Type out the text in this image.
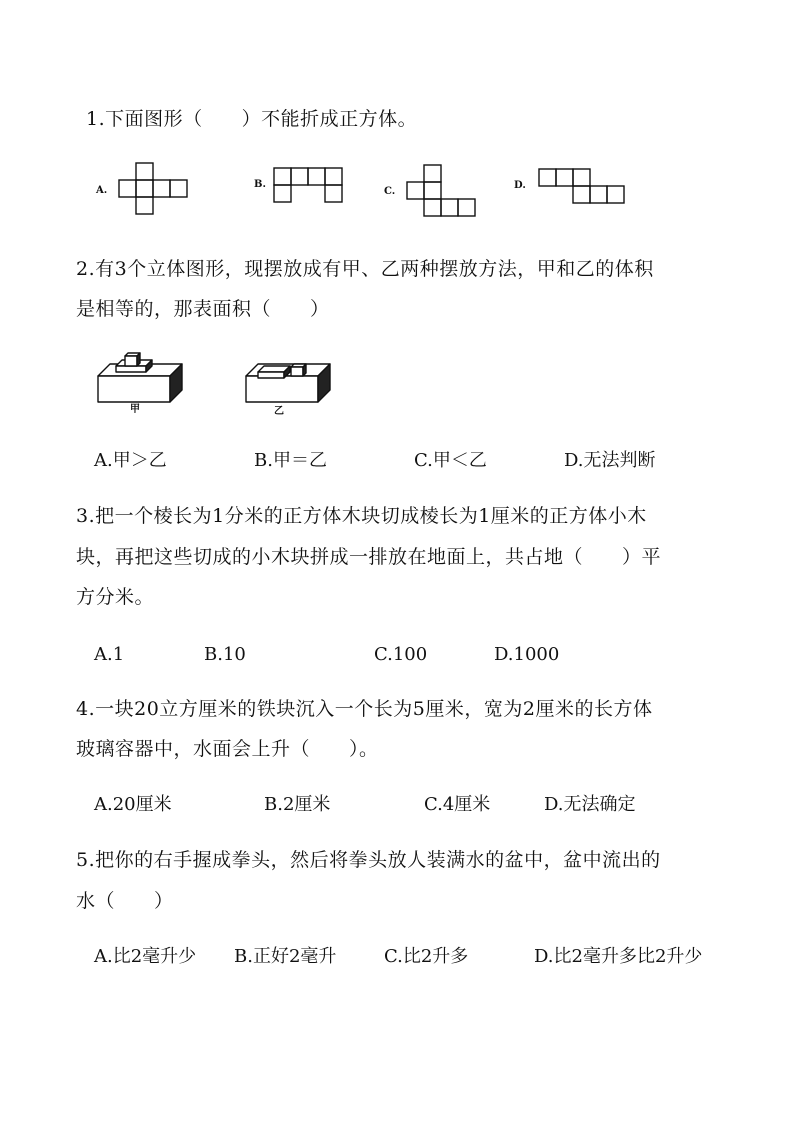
1.下面图形（　　）不能折成正方体。
A.
B.
C.
D.
2.有3个立体图形，现摆放成有甲、乙两种摆放方法，甲和乙的体积
是相等的，那表面积（　　）
甲	乙
A.甲＞乙	B.甲＝乙	C.甲＜乙	D.无法判断
3.把一个棱长为1分米的正方体木块切成棱长为1厘米的正方体小木
块，再把这些切成的小木块拼成一排放在地面上，共占地（　　）平
方分米。
A.1	B.10	C.100	D.1000
4.一块20立方厘米的铁块沉入一个长为5厘米，宽为2厘米的长方体
玻璃容器中，水面会上升（　　）。
A.20厘米	B.2厘米	C.4厘米	D.无法确定
5.把你的右手握成拳头，然后将拳头放人装满水的盆中，盆中流出的
水（　　）
A.比2毫升少 B.正好2毫升	C.比2升多	D.比2毫升多比2升少
